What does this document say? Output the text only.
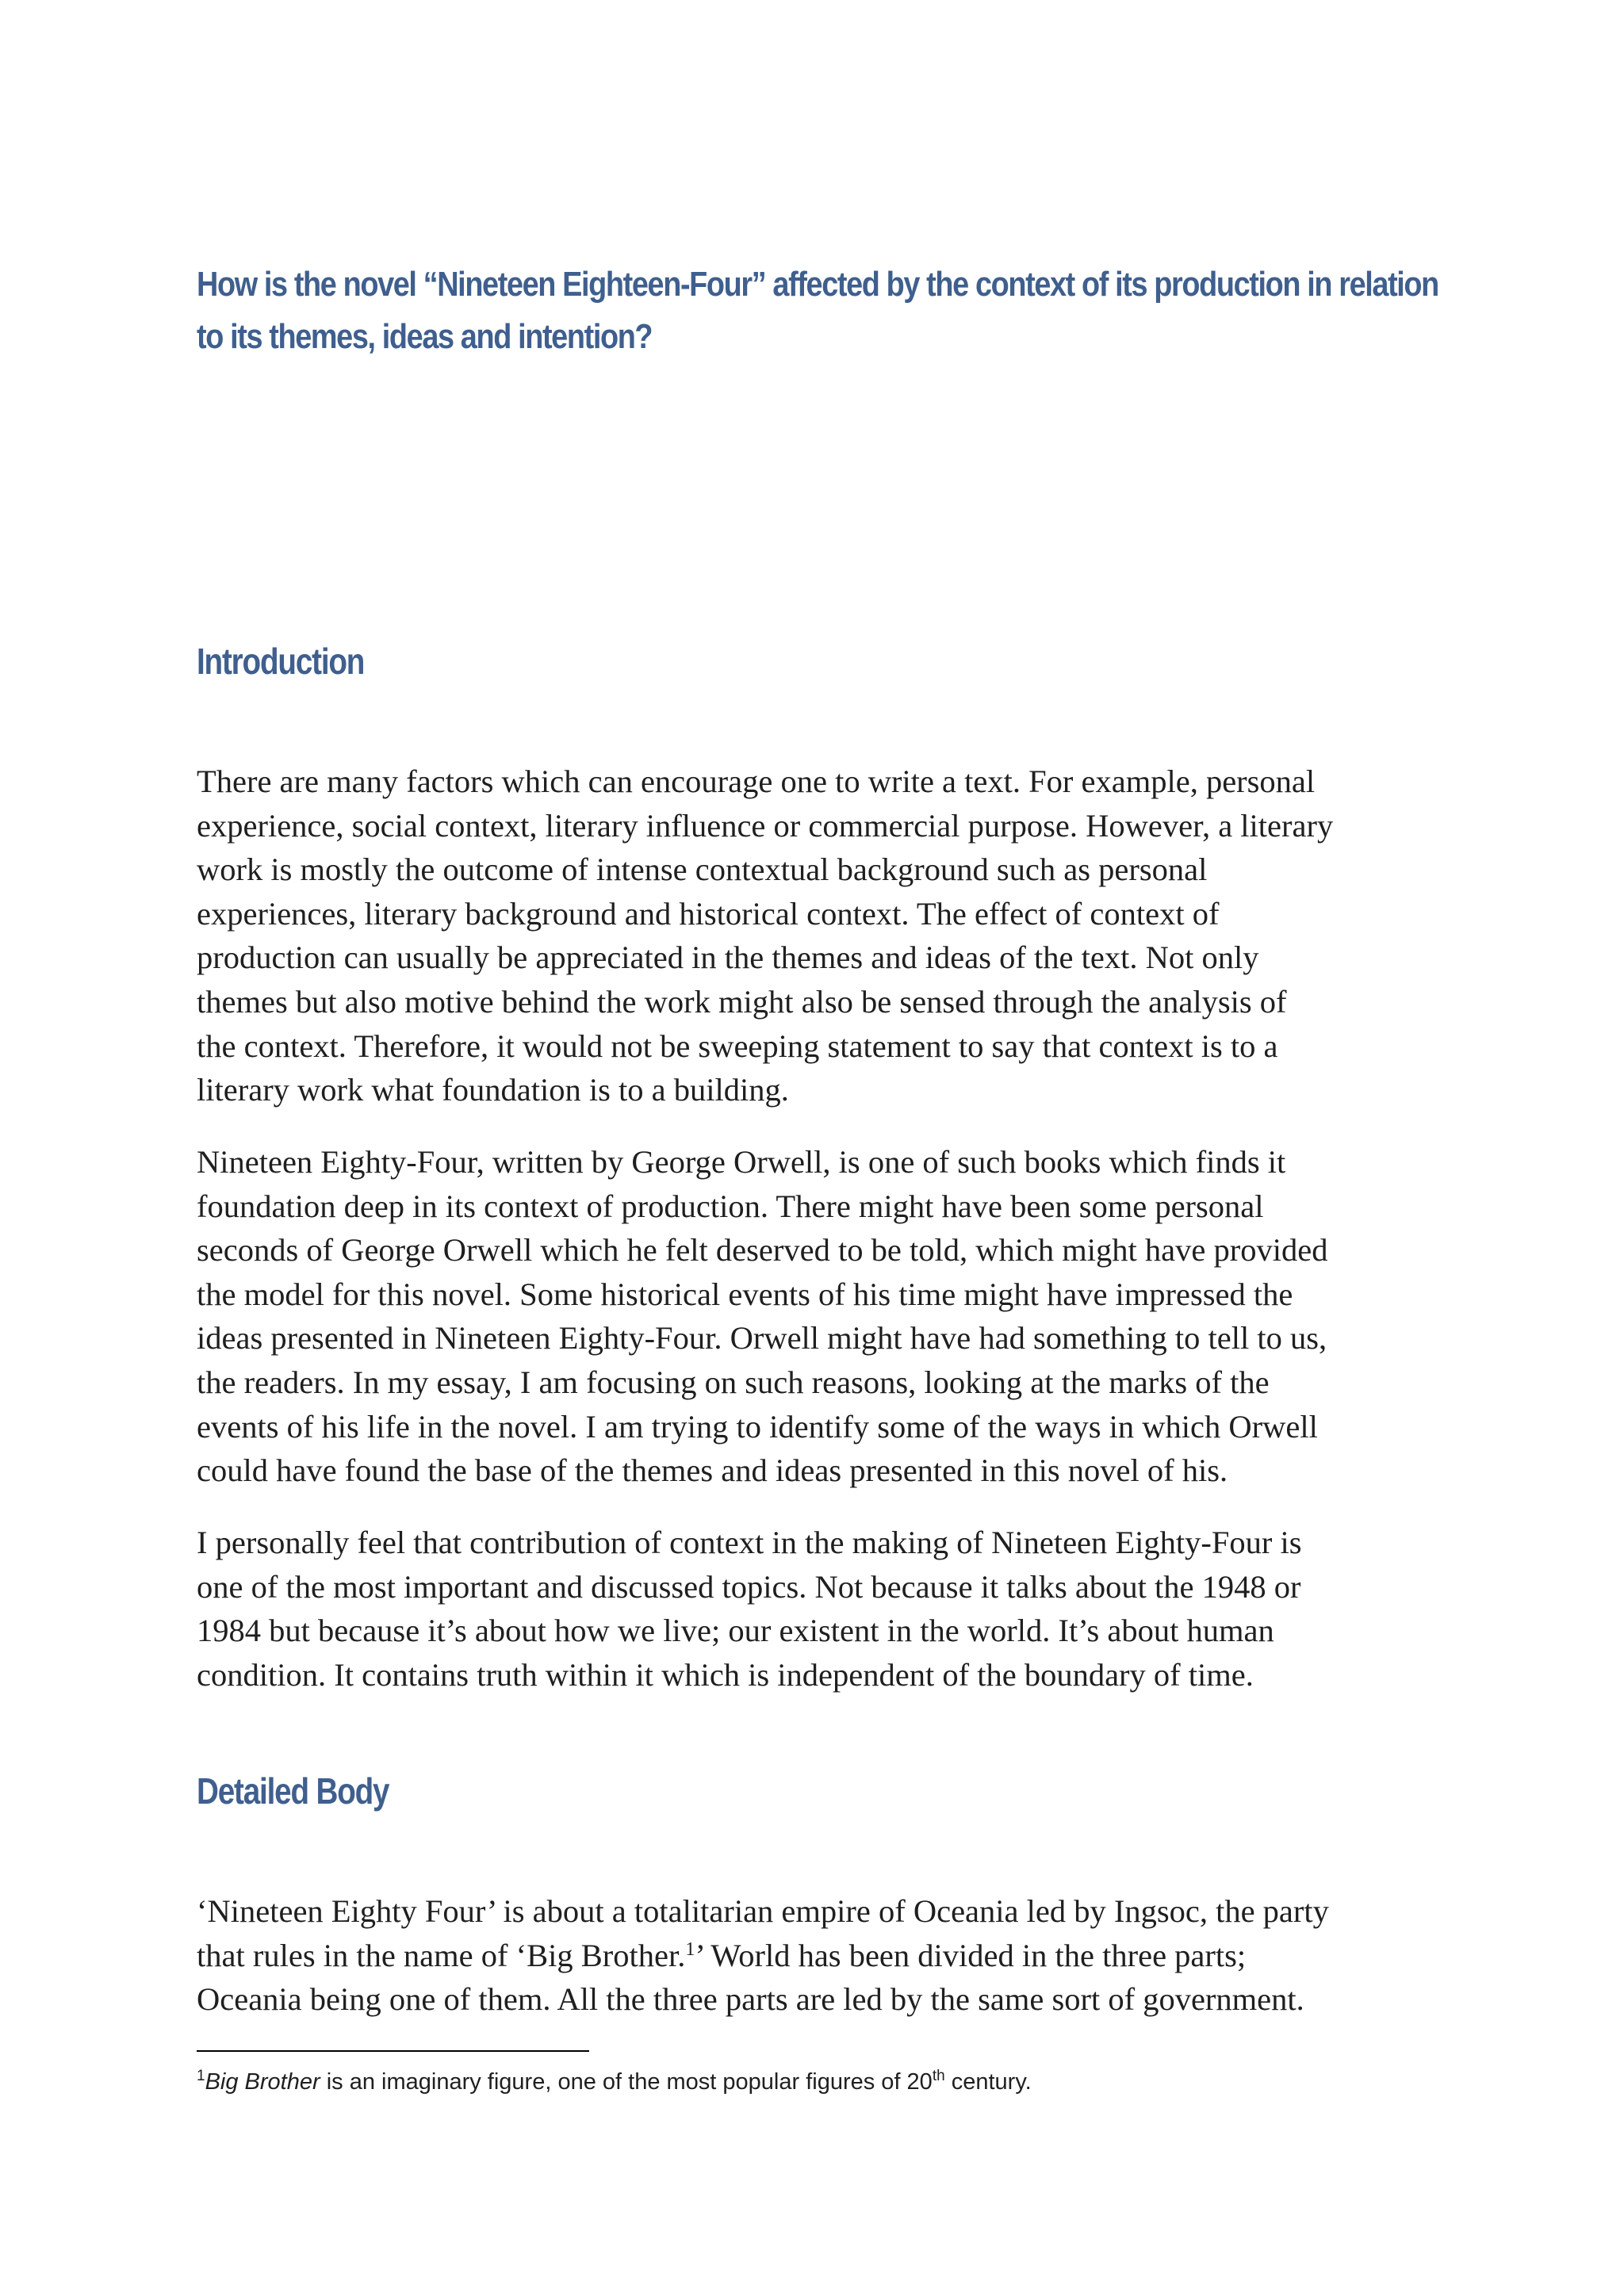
How is the novel “Nineteen Eighteen-Four” affected by the context of its production in relation
to its themes, ideas and intention?
Introduction

There are many factors which can encourage one to write a text. For example, personal
experience, social context, literary influence or commercial purpose. However, a literary
work is mostly the outcome of intense contextual background such as personal
experiences, literary background and historical context. The effect of context of
production can usually be appreciated in the themes and ideas of the text. Not only
themes but also motive behind the work might also be sensed through the analysis of
the context. Therefore, it would not be sweeping statement to say that context is to a
literary work what foundation is to a building.

Nineteen Eighty-Four, written by George Orwell, is one of such books which finds it
foundation deep in its context of production. There might have been some personal
seconds of George Orwell which he felt deserved to be told, which might have provided
the model for this novel. Some historical events of his time might have impressed the
ideas presented in Nineteen Eighty-Four. Orwell might have had something to tell to us,
the readers. In my essay, I am focusing on such reasons, looking at the marks of the
events of his life in the novel. I am trying to identify some of the ways in which Orwell
could have found the base of the themes and ideas presented in this novel of his.

I personally feel that contribution of context in the making of Nineteen Eighty-Four is
one of the most important and discussed topics. Not because it talks about the 1948 or
1984 but because it’s about how we live; our existent in the world. It’s about human
condition. It contains truth within it which is independent of the boundary of time.

Detailed Body

‘Nineteen Eighty Four’ is about a totalitarian empire of Oceania led by Ingsoc, the party
that rules in the name of ‘Big Brother.$^1$’ World has been divided in the three parts;
Oceania being one of them. All the three parts are led by the same sort of government.

$^1$Big Brother is an imaginary figure, one of the most popular figures of 20th century.
